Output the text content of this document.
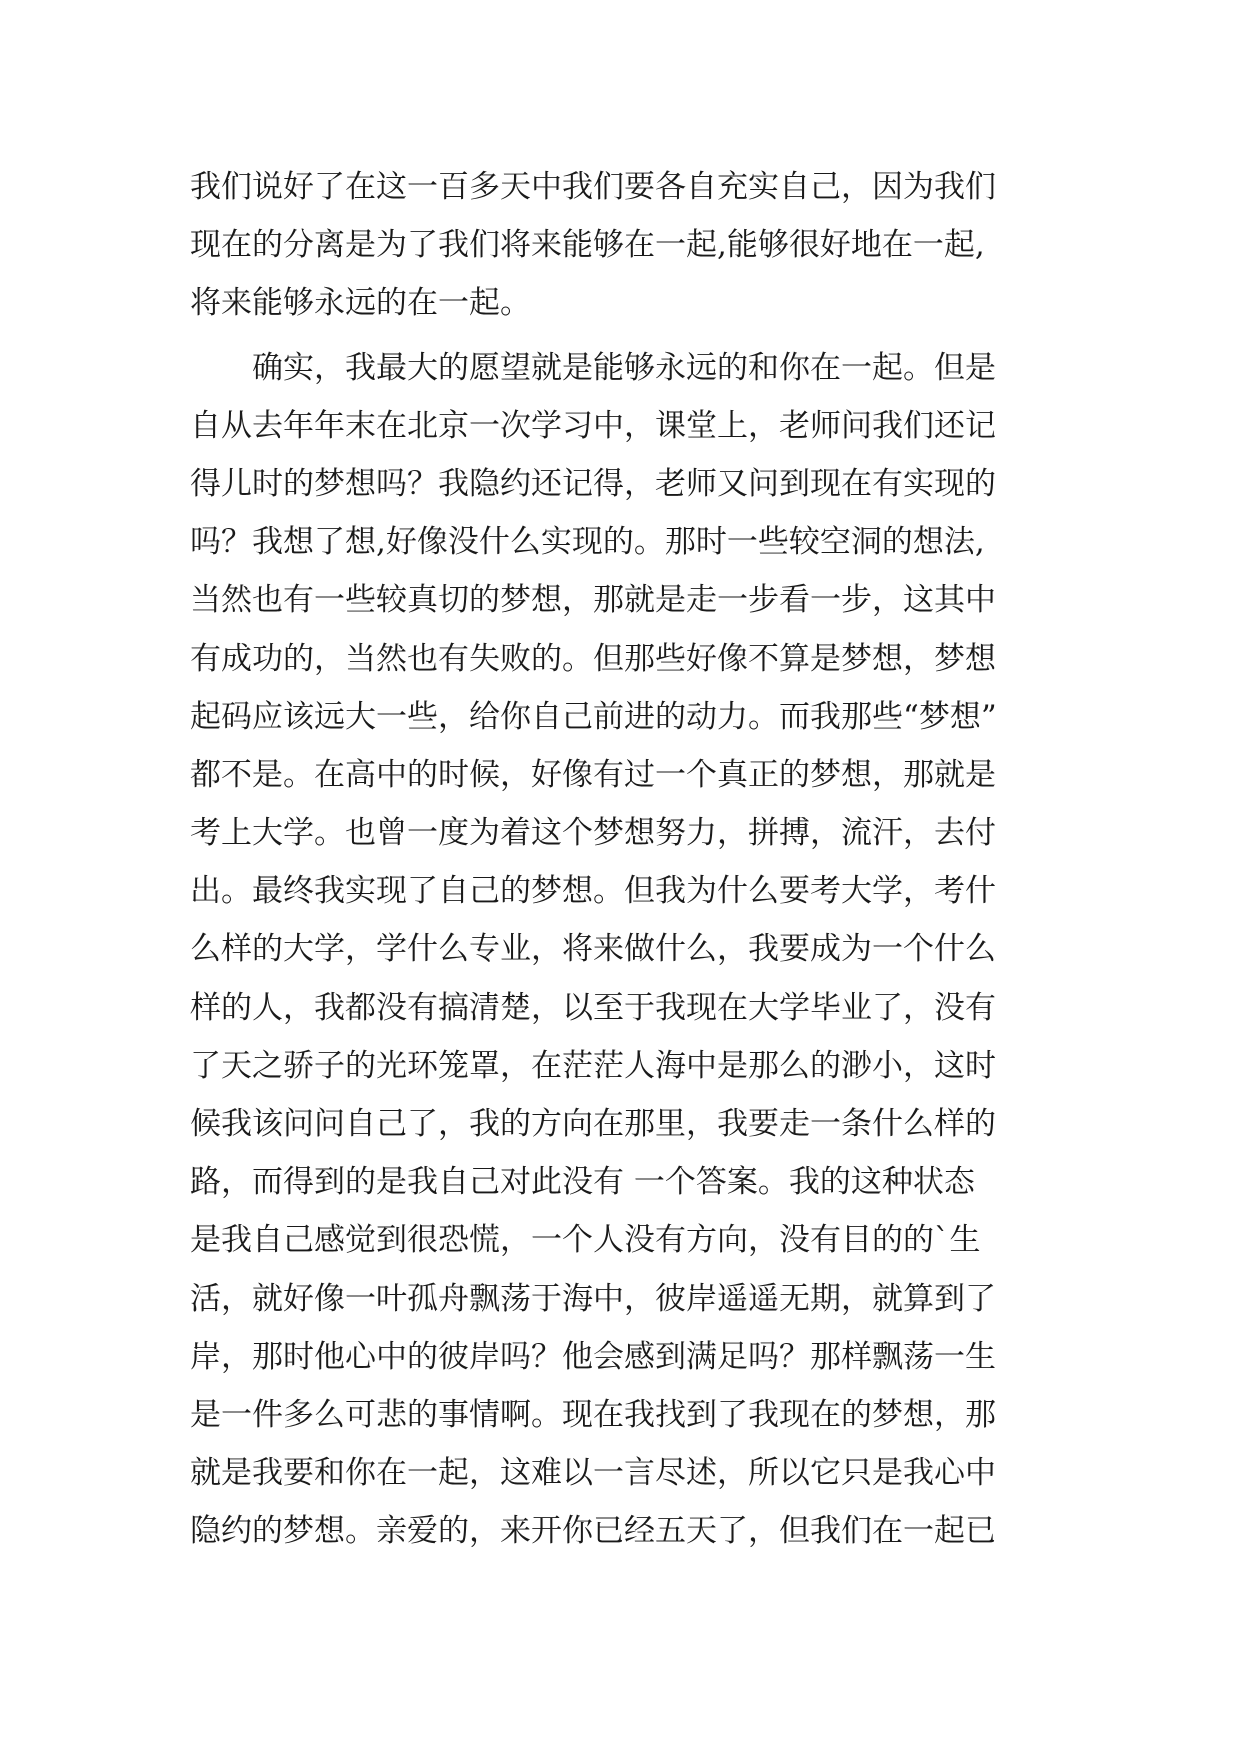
我们说好了在这一百多天中我们要各自充实自己，因为我们
现在的分离是为了我们将来能够在一起,能够很好地在一起,
将来能够永远的在一起。
　　确实，我最大的愿望就是能够永远的和你在一起。但是
自从去年年末在北京一次学习中，课堂上，老师问我们还记
得儿时的梦想吗？我隐约还记得，老师又问到现在有实现的
吗？我想了想,好像没什么实现的。那时一些较空洞的想法,
当然也有一些较真切的梦想，那就是走一步看一步，这其中
有成功的，当然也有失败的。但那些好像不算是梦想，梦想
起码应该远大一些，给你自己前进的动力。而我那些“梦想”
都不是。在高中的时候，好像有过一个真正的梦想，那就是
考上大学。也曾一度为着这个梦想努力，拼搏，流汗，去付
出。最终我实现了自己的梦想。但我为什么要考大学，考什
么样的大学，学什么专业，将来做什么，我要成为一个什么
样的人，我都没有搞清楚，以至于我现在大学毕业了，没有
了天之骄子的光环笼罩，在茫茫人海中是那么的渺小，这时
候我该问问自己了，我的方向在那里，我要走一条什么样的
路，而得到的是我自己对此没有 一个答案。我的这种状态
是我自己感觉到很恐慌，一个人没有方向，没有目的的`生
活，就好像一叶孤舟飘荡于海中，彼岸遥遥无期，就算到了
岸，那时他心中的彼岸吗？他会感到满足吗？那样飘荡一生
是一件多么可悲的事情啊。现在我找到了我现在的梦想，那
就是我要和你在一起，这难以一言尽述，所以它只是我心中
隐约的梦想。亲爱的，来开你已经五天了，但我们在一起已
